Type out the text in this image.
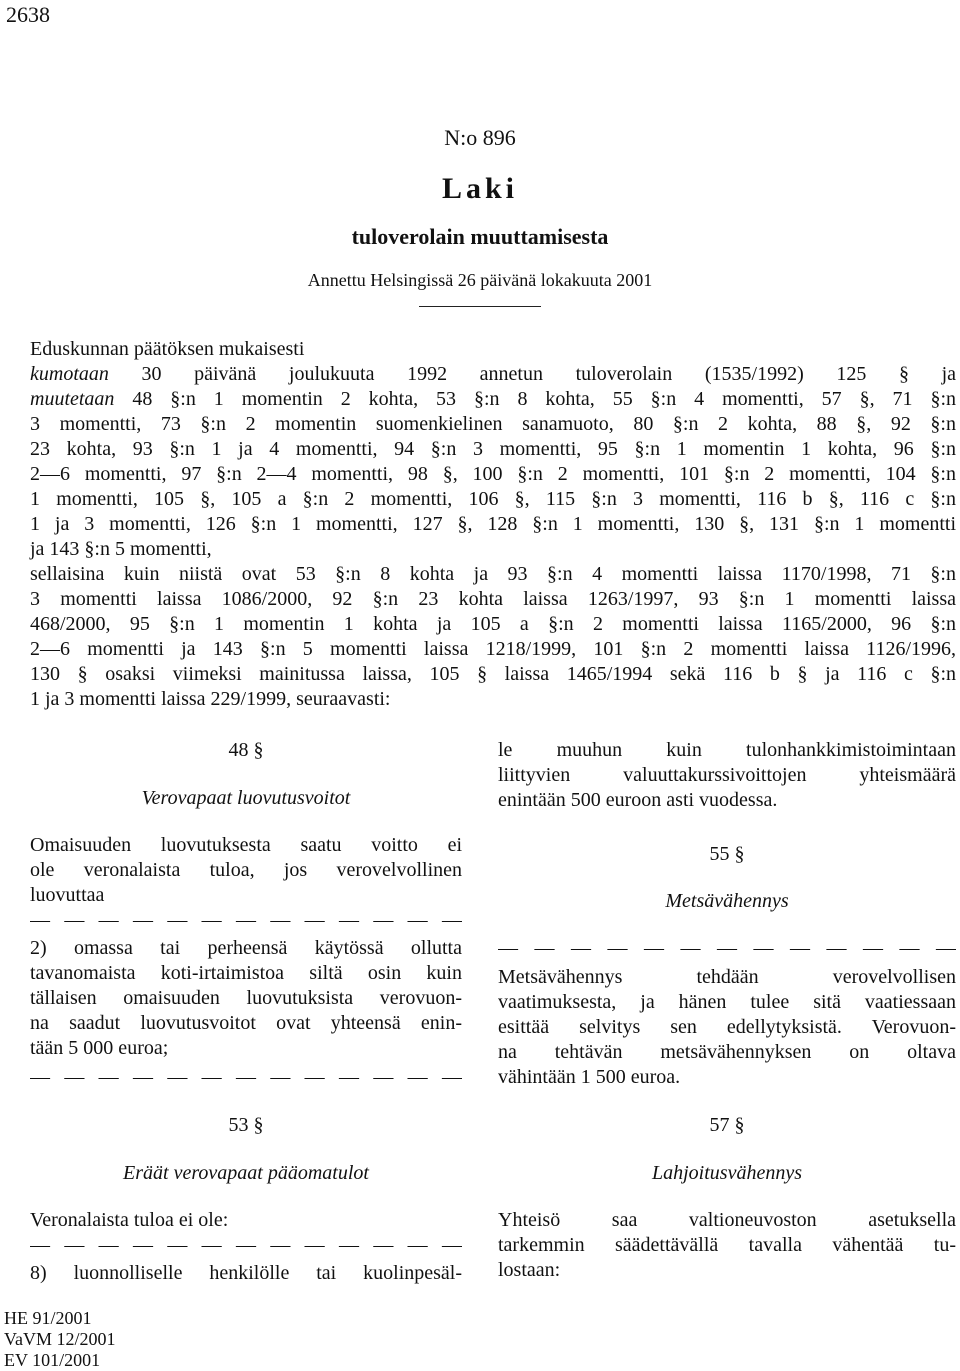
2638
N:o 896
Laki
tuloverolain muuttamisesta
Annettu Helsingissä 26 päivänä lokakuuta 2001

Eduskunnan päätöksen mukaisesti

kumotaan 30 päivänä joulukuuta 1992 annetun tuloverolain (1535/1992) 125 § ja

muutetaan 48 §:n 1 momentin 2 kohta, 53 §:n 8 kohta, 55 §:n 4 momentti, 57 §, 71 §:n

3 momentti, 73 §:n 2 momentin suomenkielinen sanamuoto, 80 §:n 2 kohta, 88 §, 92 §:n

23 kohta, 93 §:n 1 ja 4 momentti, 94 §:n 3 momentti, 95 §:n 1 momentin 1 kohta, 96 §:n

2—6 momentti, 97 §:n 2—4 momentti, 98 §, 100 §:n 2 momentti, 101 §:n 2 momentti, 104 §:n

1 momentti, 105 §, 105 a §:n 2 momentti, 106 §, 115 §:n 3 momentti, 116 b §, 116 c §:n

1 ja 3 momentti, 126 §:n 1 momentti, 127 §, 128 §:n 1 momentti, 130 §, 131 §:n 1 momentti

ja 143 §:n 5 momentti,

sellaisina kuin niistä ovat 53 §:n 8 kohta ja 93 §:n 4 momentti laissa 1170/1998, 71 §:n

3 momentti laissa 1086/2000, 92 §:n 23 kohta laissa 1263/1997, 93 §:n 1 momentti laissa

468/2000, 95 §:n 1 momentin 1 kohta ja 105 a §:n 2 momentti laissa 1165/2000, 96 §:n

2—6 momentti ja 143 §:n 5 momentti laissa 1218/1999, 101 §:n 2 momentti laissa 1126/1996,

130 § osaksi viimeksi mainitussa laissa, 105 § laissa 1465/1994 sekä 116 b § ja 116 c §:n

1 ja 3 momentti laissa 229/1999, seuraavasti:

48 §

Verovapaat luovutusvoitot

Omaisuuden luovutuksesta saatu voitto ei

ole veronalaista tuloa, jos verovelvollinen

luovuttaa

— — — — — — — — — — — — —

2) omassa tai perheensä käytössä ollutta

tavanomaista koti-irtaimistoa siltä osin kuin

tällaisen omaisuuden luovutuksista verovuon-

na saadut luovutusvoitot ovat yhteensä enin-

tään 5 000 euroa;

— — — — — — — — — — — — —

53 §

Eräät verovapaat pääomatulot

Veronalaista tuloa ei ole:

— — — — — — — — — — — — —

8) luonnolliselle henkilölle tai kuolinpesäl-

le muuhun kuin tulonhankkimistoimintaan

liittyvien valuuttakurssivoittojen yhteismäärä

enintään 500 euroon asti vuodessa.

55 §

Metsävähennys

— — — — — — — — — — — — —

Metsävähennys tehdään verovelvollisen

vaatimuksesta, ja hänen tulee sitä vaatiessaan

esittää selvitys sen edellytyksistä. Verovuon-

na tehtävän metsävähennyksen on oltava

vähintään 1 500 euroa.

57 §

Lahjoitusvähennys

Yhteisö saa valtioneuvoston asetuksella

tarkemmin säädettävällä tavalla vähentää tu-

lostaan:

HE 91/2001
VaVM 12/2001
EV 101/2001
